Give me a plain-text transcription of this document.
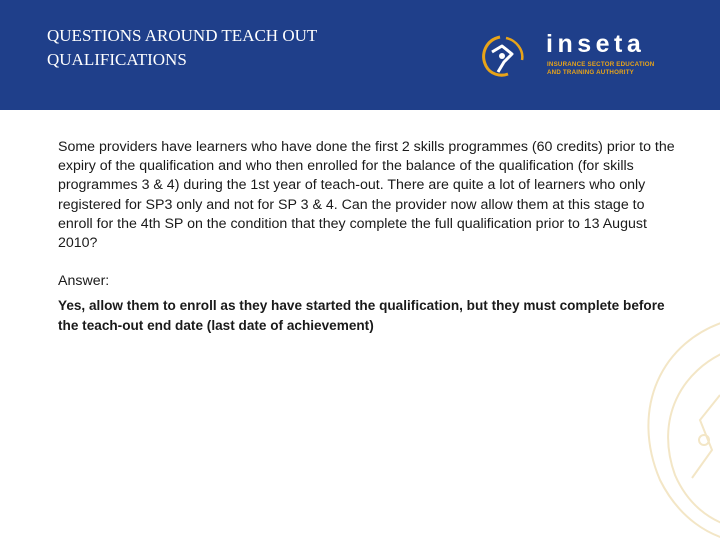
QUESTIONS AROUND TEACH OUT
QUALIFICATIONS
inseta
INSURANCE SECTOR EDUCATION
AND TRAINING AUTHORITY
Some providers have learners who have done the first 2 skills programmes (60 credits) prior to the expiry of the qualification and who then enrolled for the balance of the qualification (for skills programmes 3 & 4) during the 1st year of teach-out. There are quite a lot of learners who only registered for SP3 only and not for SP 3 & 4. Can the provider now allow them at this stage to enroll for the 4th SP on the condition that they complete the full qualification prior to 13 August 2010?
Answer:
Yes, allow them to enroll as they have started the qualification, but they must complete before the teach-out end date (last date of achievement)
